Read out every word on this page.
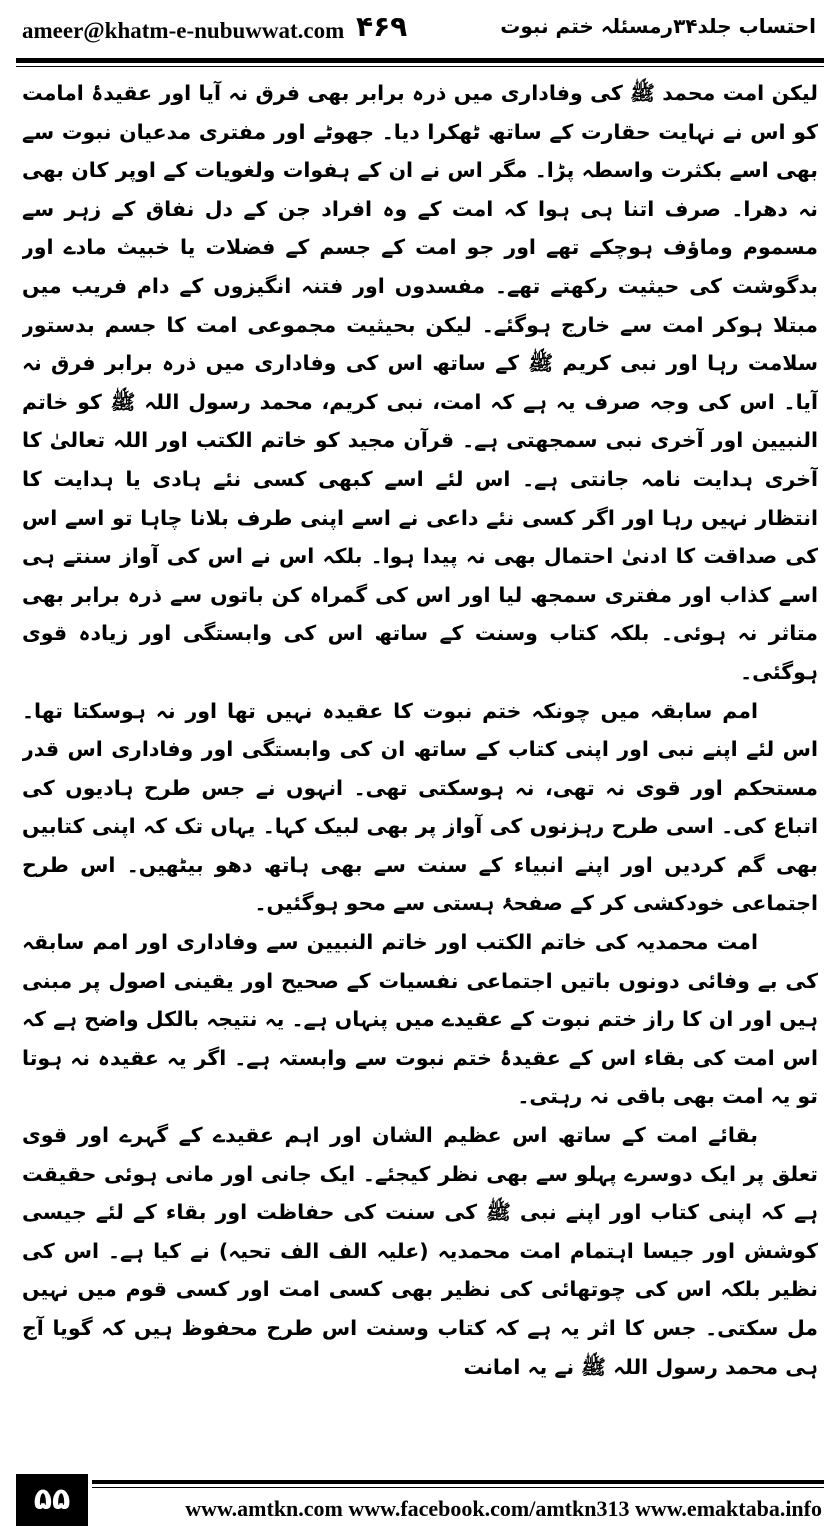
ameer@khatm-e-nubuwwat.com ۴۶۹	احتساب جلد۳۴رمسئلہ ختم نبوت

لیکن امت محمد ﷺ کی وفاداری میں ذرہ برابر بھی فرق نہ آیا اور عقیدۂ امامت کو اس نے نہایت حقارت کے ساتھ ٹھکرا دیا۔ جھوٹے اور مفتری مدعیان نبوت سے بھی اسے بکثرت واسطہ پڑا۔ مگر اس نے ان کے ہفوات ولغویات کے اوپر کان بھی نہ دھرا۔ صرف اتنا ہی ہوا کہ امت کے وہ افراد جن کے دل نفاق کے زہر سے مسموم وماؤف ہوچکے تھے اور جو امت کے جسم کے فضلات یا خبیث مادے اور بدگوشت کی حیثیت رکھتے تھے۔ مفسدوں اور فتنہ انگیزوں کے دام فریب میں مبتلا ہوکر امت سے خارج ہوگئے۔ لیکن بحیثیت مجموعی امت کا جسم بدستور سلامت رہا اور نبی کریم ﷺ کے ساتھ اس کی وفاداری میں ذرہ برابر فرق نہ آیا۔ اس کی وجہ صرف یہ ہے کہ امت، نبی کریم، محمد رسول اللہ ﷺ کو خاتم النبیین اور آخری نبی سمجھتی ہے۔ قرآن مجید کو خاتم الکتب اور اللہ تعالیٰ کا آخری ہدایت نامہ جانتی ہے۔ اس لئے اسے کبھی کسی نئے ہادی یا ہدایت کا انتظار نہیں رہا اور اگر کسی نئے داعی نے اسے اپنی طرف بلانا چاہا تو اسے اس کی صداقت کا ادنیٰ احتمال بھی نہ پیدا ہوا۔ بلکہ اس نے اس کی آواز سنتے ہی اسے کذاب اور مفتری سمجھ لیا اور اس کی گمراہ کن باتوں سے ذرہ برابر بھی متاثر نہ ہوئی۔ بلکہ کتاب وسنت کے ساتھ اس کی وابستگی اور زیادہ قوی ہوگئی۔

امم سابقہ میں چونکہ ختم نبوت کا عقیدہ نہیں تھا اور نہ ہوسکتا تھا۔ اس لئے اپنے نبی اور اپنی کتاب کے ساتھ ان کی وابستگی اور وفاداری اس قدر مستحکم اور قوی نہ تھی، نہ ہوسکتی تھی۔ انہوں نے جس طرح ہادیوں کی اتباع کی۔ اسی طرح رہزنوں کی آواز پر بھی لبیک کہا۔ یہاں تک کہ اپنی کتابیں بھی گم کردیں اور اپنے انبیاء کے سنت سے بھی ہاتھ دھو بیٹھیں۔ اس طرح اجتماعی خودکشی کر کے صفحۂ ہستی سے محو ہوگئیں۔

امت محمدیہ کی خاتم الکتب اور خاتم النبیین سے وفاداری اور امم سابقہ کی بے وفائی دونوں باتیں اجتماعی نفسیات کے صحیح اور یقینی اصول پر مبنی ہیں اور ان کا راز ختم نبوت کے عقیدے میں پنہاں ہے۔ یہ نتیجہ بالکل واضح ہے کہ اس امت کی بقاء اس کے عقیدۂ ختم نبوت سے وابستہ ہے۔ اگر یہ عقیدہ نہ ہوتا تو یہ امت بھی باقی نہ رہتی۔

بقائے امت کے ساتھ اس عظیم الشان اور اہم عقیدے کے گہرے اور قوی تعلق پر ایک دوسرے پہلو سے بھی نظر کیجئے۔ ایک جانی اور مانی ہوئی حقیقت ہے کہ اپنی کتاب اور اپنے نبی ﷺ کی سنت کی حفاظت اور بقاء کے لئے جیسی کوشش اور جیسا اہتمام امت محمدیہ (علیہ الف الف تحیہ) نے کیا ہے۔ اس کی نظیر بلکہ اس کی چوتھائی کی نظیر بھی کسی امت اور کسی قوم میں نہیں مل سکتی۔ جس کا اثر یہ ہے کہ کتاب وسنت اس طرح محفوظ ہیں کہ گویا آج ہی محمد رسول اللہ ﷺ نے یہ امانت

۵۵	www.amtkn.com www.facebook.com/amtkn313 www.emaktaba.info
